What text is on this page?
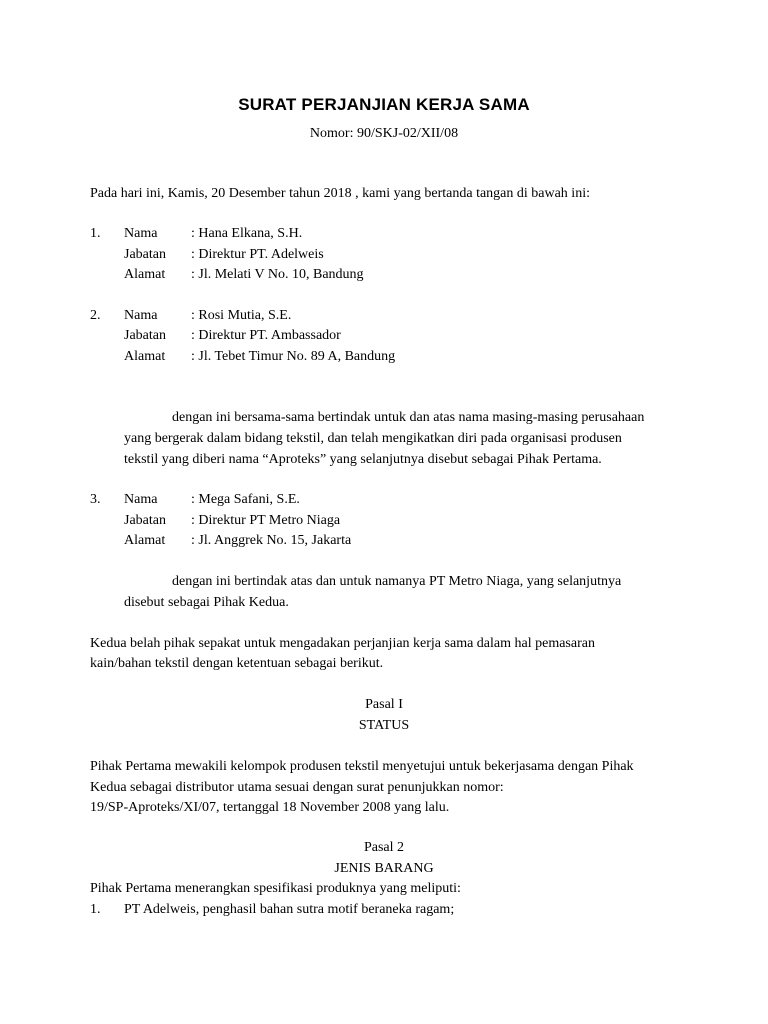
SURAT PERJANJIAN KERJA SAMA
Nomor: 90/SKJ-02/XII/08
Pada hari ini, Kamis, 20 Desember tahun 2018 , kami yang bertanda tangan di bawah ini:
1. Nama : Hana Elkana, S.H.
Jabatan : Direktur PT. Adelweis
Alamat : Jl. Melati V No. 10, Bandung
2. Nama : Rosi Mutia, S.E.
Jabatan : Direktur PT. Ambassador
Alamat : Jl. Tebet Timur No. 89 A, Bandung
dengan ini bersama-sama bertindak untuk dan atas nama masing-masing perusahaan
yang bergerak dalam bidang tekstil, dan telah mengikatkan diri pada organisasi produsen
tekstil yang diberi nama “Aproteks” yang selanjutnya disebut sebagai Pihak Pertama.
3. Nama : Mega Safani, S.E.
Jabatan : Direktur PT Metro Niaga
Alamat : Jl. Anggrek No. 15, Jakarta
dengan ini bertindak atas dan untuk namanya PT Metro Niaga, yang selanjutnya
disebut sebagai Pihak Kedua.
Kedua belah pihak sepakat untuk mengadakan perjanjian kerja sama dalam hal pemasaran
kain/bahan tekstil dengan ketentuan sebagai berikut.
Pasal I
STATUS
Pihak Pertama mewakili kelompok produsen tekstil menyetujui untuk bekerjasama dengan Pihak
Kedua sebagai distributor utama sesuai dengan surat penunjukkan nomor:
19/SP-Aproteks/XI/07, tertanggal 18 November 2008 yang lalu.
Pasal 2
JENIS BARANG
Pihak Pertama menerangkan spesifikasi produknya yang meliputi:
1. PT Adelweis, penghasil bahan sutra motif beraneka ragam;
